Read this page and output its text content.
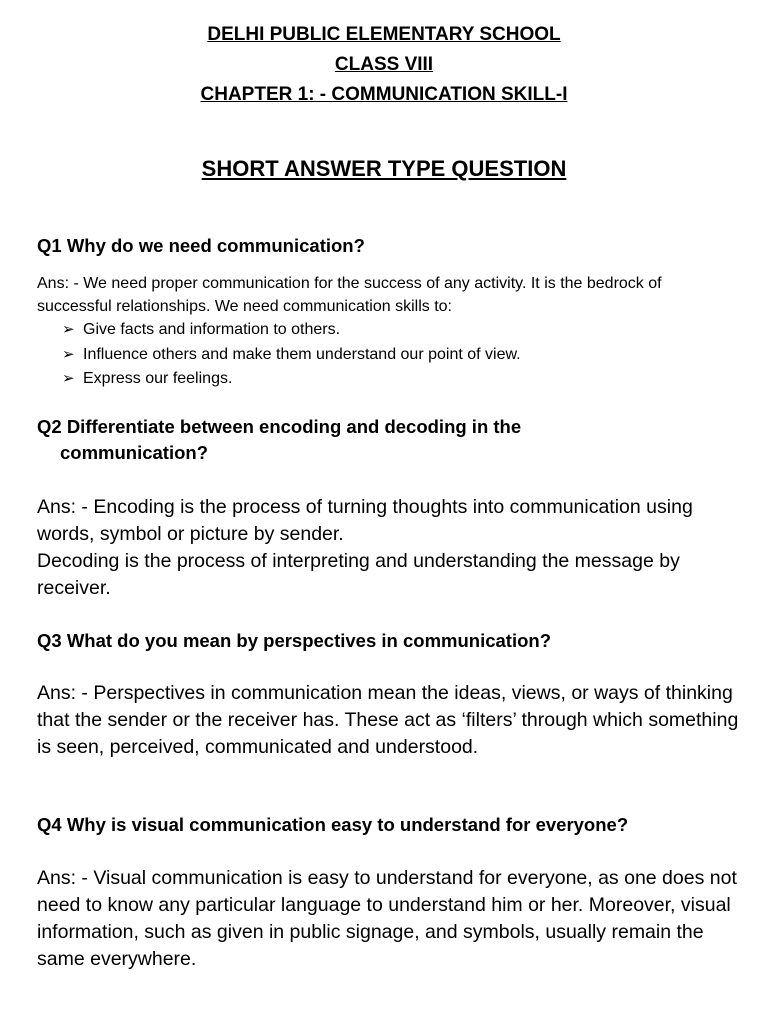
DELHI PUBLIC ELEMENTARY SCHOOL
CLASS VIII
CHAPTER 1: - COMMUNICATION SKILL-I
SHORT ANSWER TYPE QUESTION
Q1 Why do we need communication?
Ans: - We need proper communication for the success of any activity. It is the bedrock of successful relationships. We need communication skills to:
➢ Give facts and information to others.
➢ Influence others and make them understand our point of view.
➢ Express our feelings.
Q2 Differentiate between encoding and decoding in the
communication?

Ans: - Encoding is the process of turning thoughts into communication using words, symbol or picture by sender.

Decoding is the process of interpreting and understanding the message by receiver.

Q3 What do you mean by perspectives in communication?
Ans: - Perspectives in communication mean the ideas, views, or ways of thinking that the sender or the receiver has. These act as ‘filters’ through which something is seen, perceived, communicated and understood.
Q4 Why is visual communication easy to understand for everyone?
Ans: - Visual communication is easy to understand for everyone, as one does not need to know any particular language to understand him or her. Moreover, visual information, such as given in public signage, and symbols, usually remain the same everywhere.
